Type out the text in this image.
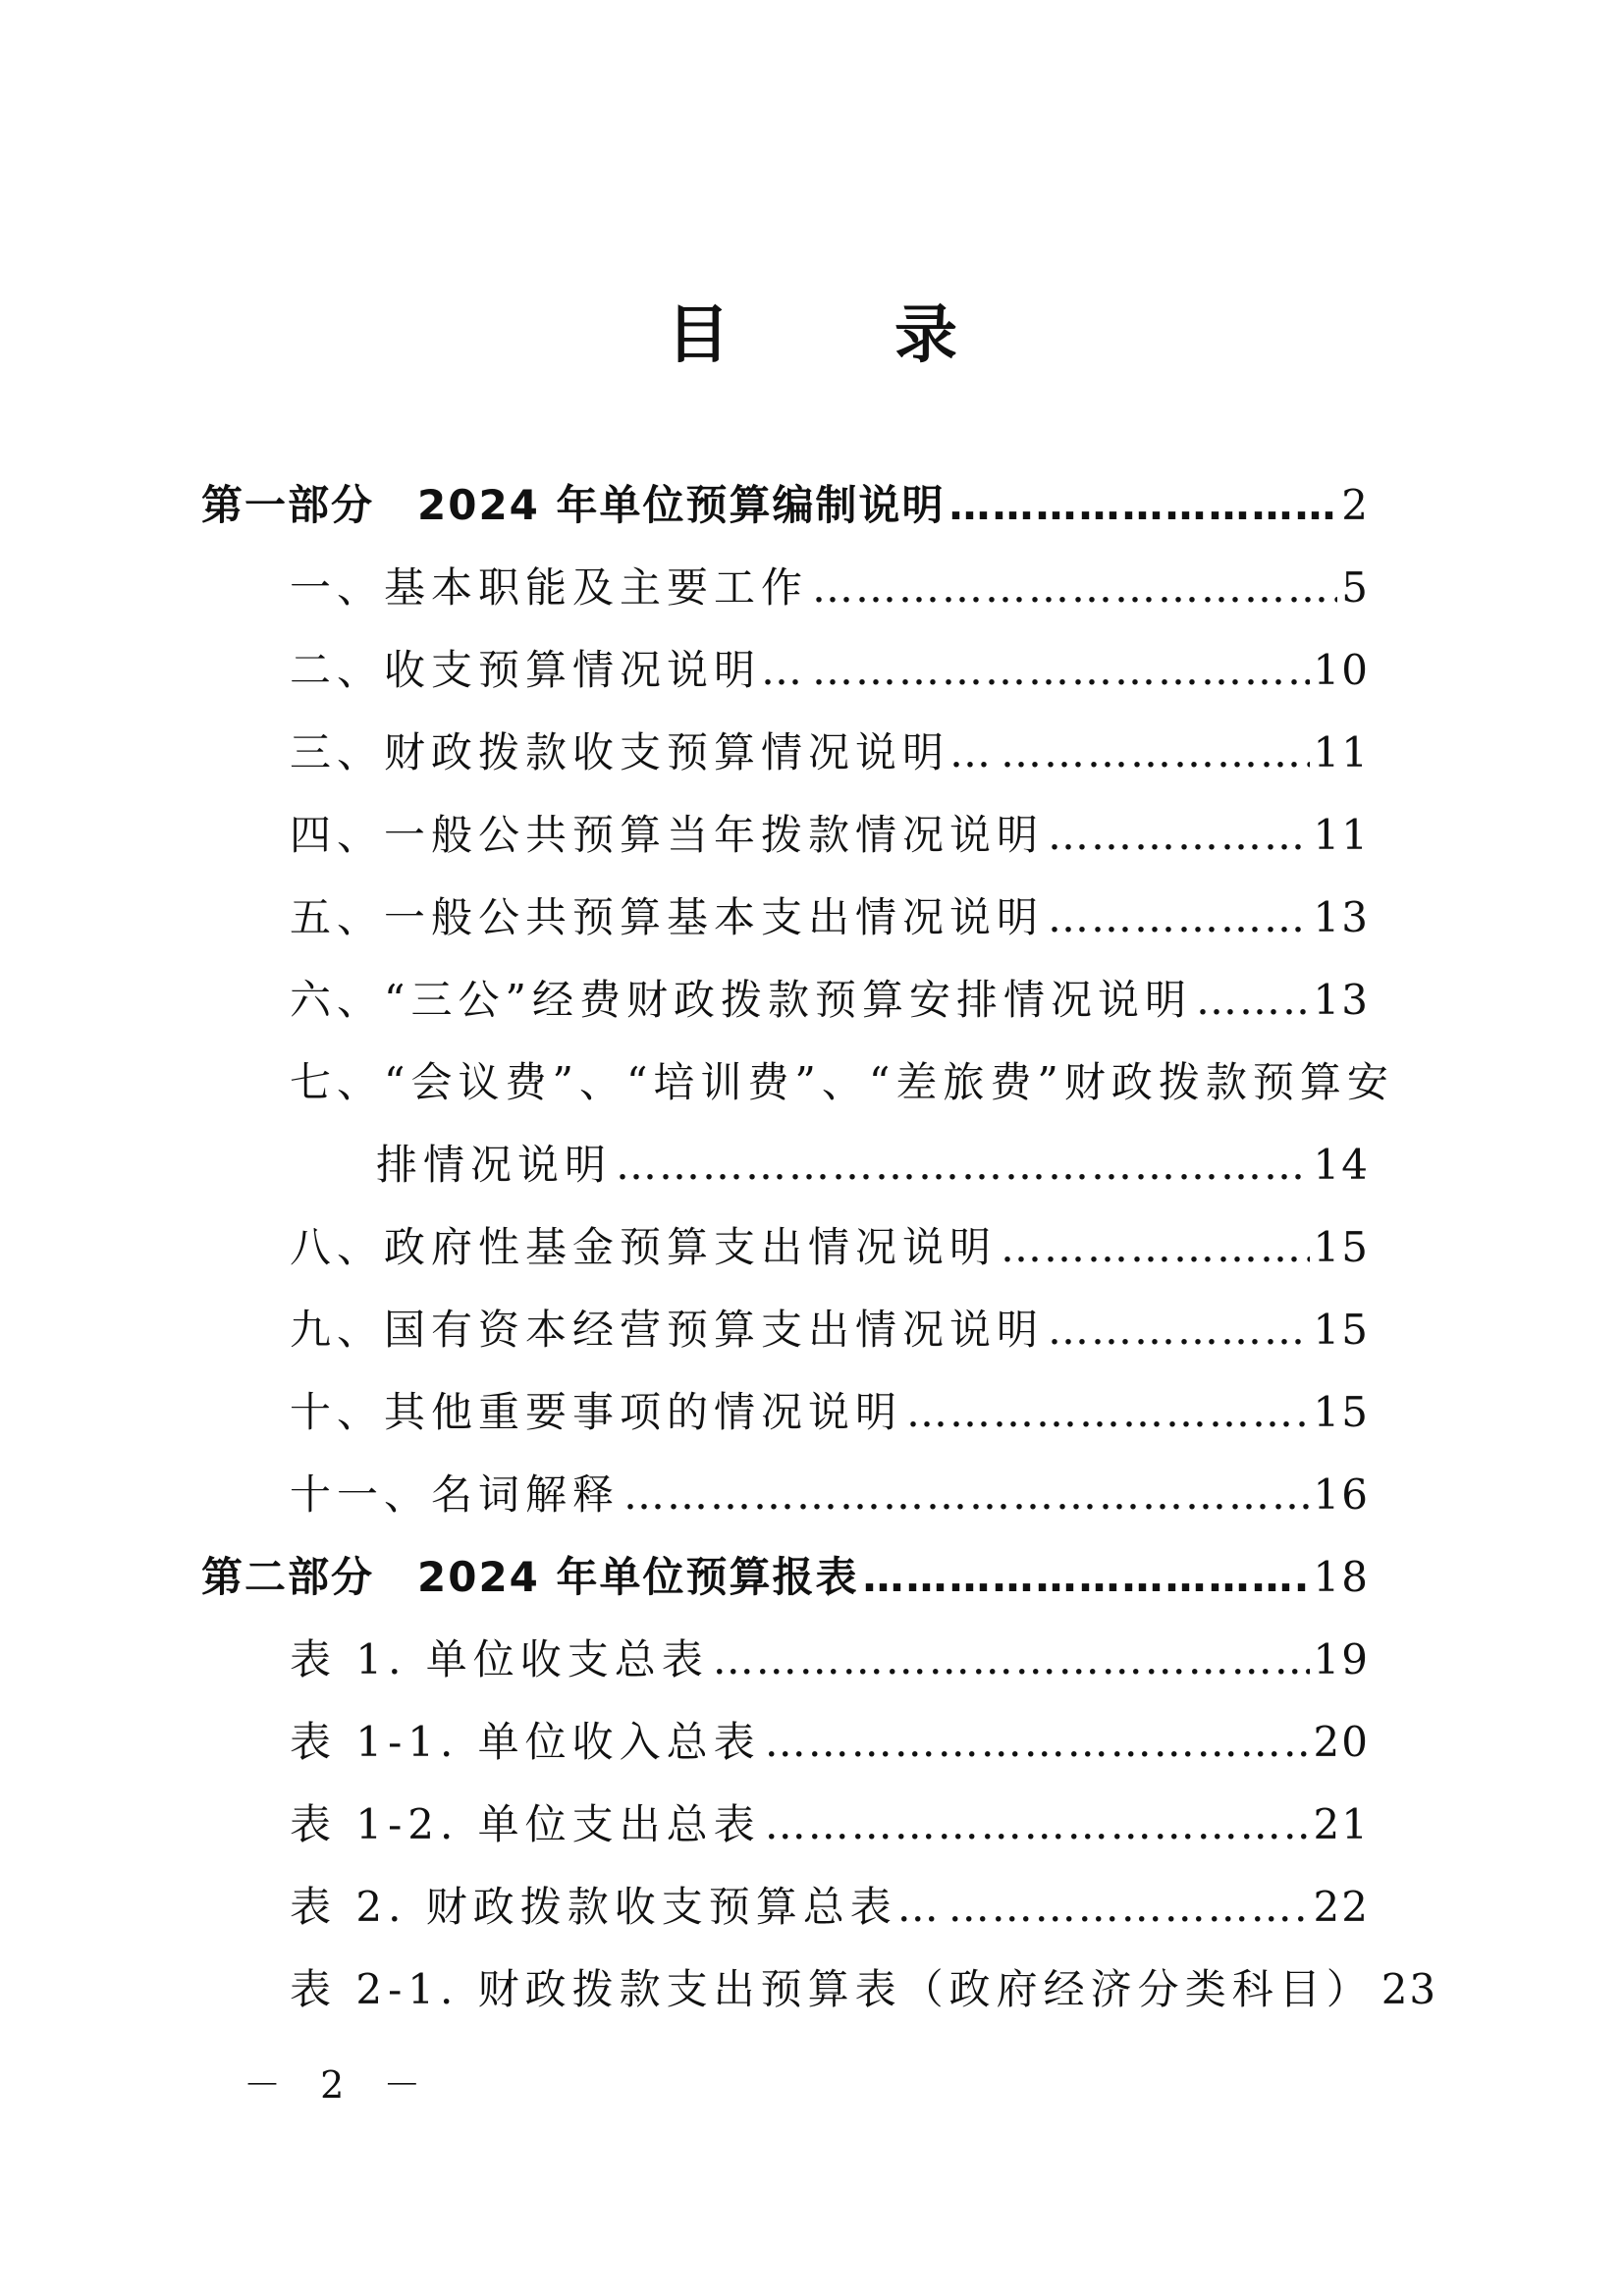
目　录
第一部分　2024 年单位预算编制说明 …………………………………………………………………………………………………………………………………………………………………………	2
一、基本职能及主要工作 …………………………………………………………………………………………………………………………………………………………………………	5
二、收支预算情况说明… …………………………………………………………………………………………………………………………………………………………………………	10
三、财政拨款收支预算情况说明… …………………………………………………………………………………………………………………………………………………………………………	11
四、一般公共预算当年拨款情况说明 …………………………………………………………………………………………………………………………………………………………………………	11
五、一般公共预算基本支出情况说明 …………………………………………………………………………………………………………………………………………………………………………	13
六、“三公”经费财政拨款预算安排情况说明 …………………………………………………………………………………………………………………………………………………………………………	13
七、“会议费”、“培训费”、“差旅费”财政拨款预算安
排情况说明 …………………………………………………………………………………………………………………………………………………………………………	14
八、政府性基金预算支出情况说明 …………………………………………………………………………………………………………………………………………………………………………	15
九、国有资本经营预算支出情况说明 …………………………………………………………………………………………………………………………………………………………………………	15
十、其他重要事项的情况说明 …………………………………………………………………………………………………………………………………………………………………………	15
十一、名词解释 …………………………………………………………………………………………………………………………………………………………………………	16
第二部分　2024 年单位预算报表 …………………………………………………………………………………………………………………………………………………………………………	18
表 1. 单位收支总表 …………………………………………………………………………………………………………………………………………………………………………	19
表 1-1. 单位收入总表 …………………………………………………………………………………………………………………………………………………………………………	20
表 1-2. 单位支出总表 …………………………………………………………………………………………………………………………………………………………………………	21
表 2. 财政拨款收支预算总表… …………………………………………………………………………………………………………………………………………………………………………	22
表 2-1. 财政拨款支出预算表（政府经济分类科目） 23
－ 2 －
